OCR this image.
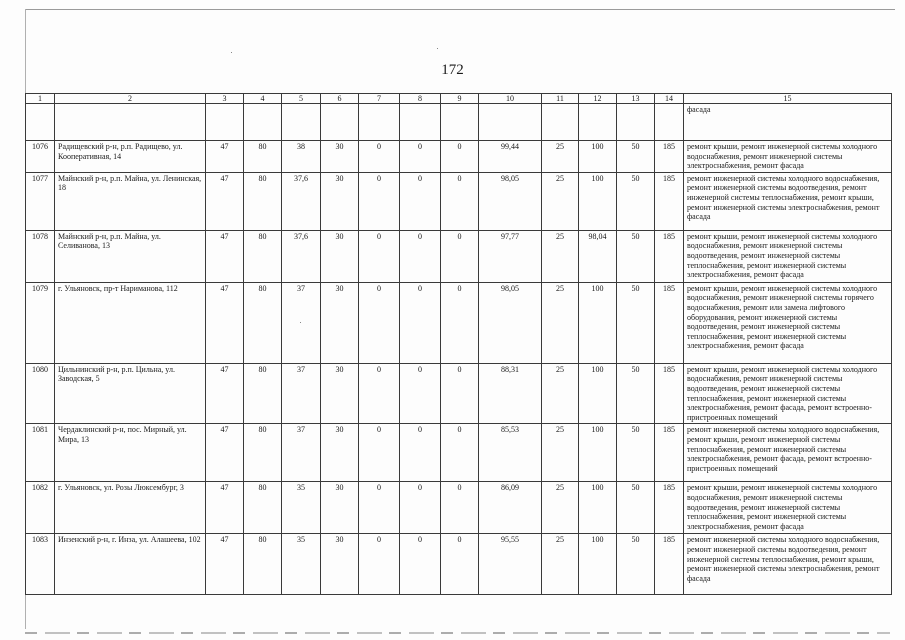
172
1	2	3	4	5	6	7	8	9	10	11	12	13	14	15
														фасада
1076	Радищевский р-н, р.п. Радищево, ул. Кооперативная, 14	47	80	38	30	0	0	0	99,44	25	100	50	185	ремонт крыши, ремонт инженерной системы холодного водоснабжения, ремонт инженерной системы электроснабжения, ремонт фасада
1077	Майнский р-н, р.п. Майна, ул. Ленинская, 18	47	80	37,6	30	0	0	0	98,05	25	100	50	185	ремонт инженерной системы холодного водоснабжения, ремонт инженерной системы водоотведения, ремонт инженерной системы теплоснабжения, ремонт крыши, ремонт инженерной системы электроснабжения, ремонт фасада
1078	Майнский р-н, р.п. Майна, ул. Селиванова, 13	47	80	37,6	30	0	0	0	97,77	25	98,04	50	185	ремонт крыши, ремонт инженерной системы холодного водоснабжения, ремонт инженерной системы водоотведения, ремонт инженерной системы теплоснабжения, ремонт инженерной системы электроснабжения, ремонт фасада
1079	г. Ульяновск, пр-т Нариманова, 112	47	80	37	30	0	0	0	98,05	25	100	50	185	ремонт крыши, ремонт инженерной системы холодного водоснабжения, ремонт инженерной системы горячего водоснабжения, ремонт или замена лифтового оборудования, ремонт инженерной системы водоотведения, ремонт инженерной системы теплоснабжения, ремонт инженерной системы электроснабжения, ремонт фасада
1080	Цильнинский р-н, р.п. Цильна, ул. Заводская, 5	47	80	37	30	0	0	0	88,31	25	100	50	185	ремонт крыши, ремонт инженерной системы холодного водоснабжения, ремонт инженерной системы водоотведения, ремонт инженерной системы теплоснабжения, ремонт инженерной системы электроснабжения, ремонт фасада, ремонт встроенно-пристроенных помещений
1081	Чердаклинский р-н, пос. Мирный, ул. Мира, 13	47	80	37	30	0	0	0	85,53	25	100	50	185	ремонт инженерной системы холодного водоснабжения, ремонт крыши, ремонт инженерной системы теплоснабжения, ремонт инженерной системы электроснабжения, ремонт фасада, ремонт встроенно-пристроенных помещений
1082	г. Ульяновск, ул. Розы Люксембург, 3	47	80	35	30	0	0	0	86,09	25	100	50	185	ремонт крыши, ремонт инженерной системы холодного водоснабжения, ремонт инженерной системы водоотведения, ремонт инженерной системы теплоснабжения, ремонт инженерной системы электроснабжения, ремонт фасада
1083	Инзенский р-н, г. Инза, ул. Алашеева, 102	47	80	35	30	0	0	0	95,55	25	100	50	185	ремонт инженерной системы холодного водоснабжения, ремонт инженерной системы водоотведения, ремонт инженерной системы теплоснабжения, ремонт крыши, ремонт инженерной системы электроснабжения, ремонт фасада
